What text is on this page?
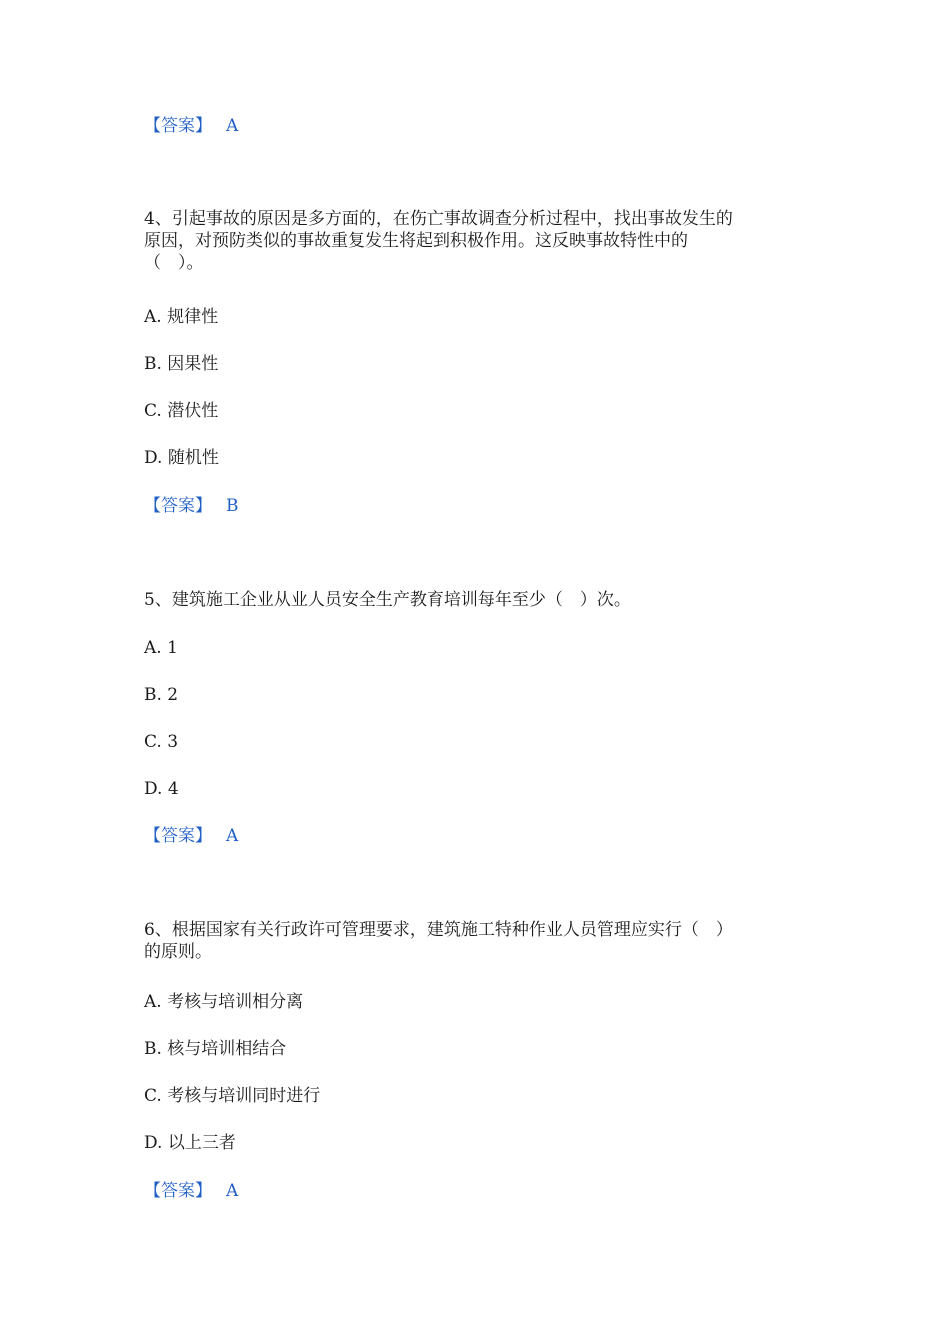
【答案】 A
4、引起事故的原因是多方面的，在伤亡事故调查分析过程中，找出事故发生的
原因，对预防类似的事故重复发生将起到积极作用。这反映事故特性中的
（　）。
A. 规律性
B. 因果性
C. 潜伏性
D. 随机性
【答案】 B
5、建筑施工企业从业人员安全生产教育培训每年至少（　）次。
A. 1
B. 2
C. 3
D. 4
【答案】 A
6、根据国家有关行政许可管理要求，建筑施工特种作业人员管理应实行（　）
的原则。
A. 考核与培训相分离
B. 核与培训相结合
C. 考核与培训同时进行
D. 以上三者
【答案】 A
